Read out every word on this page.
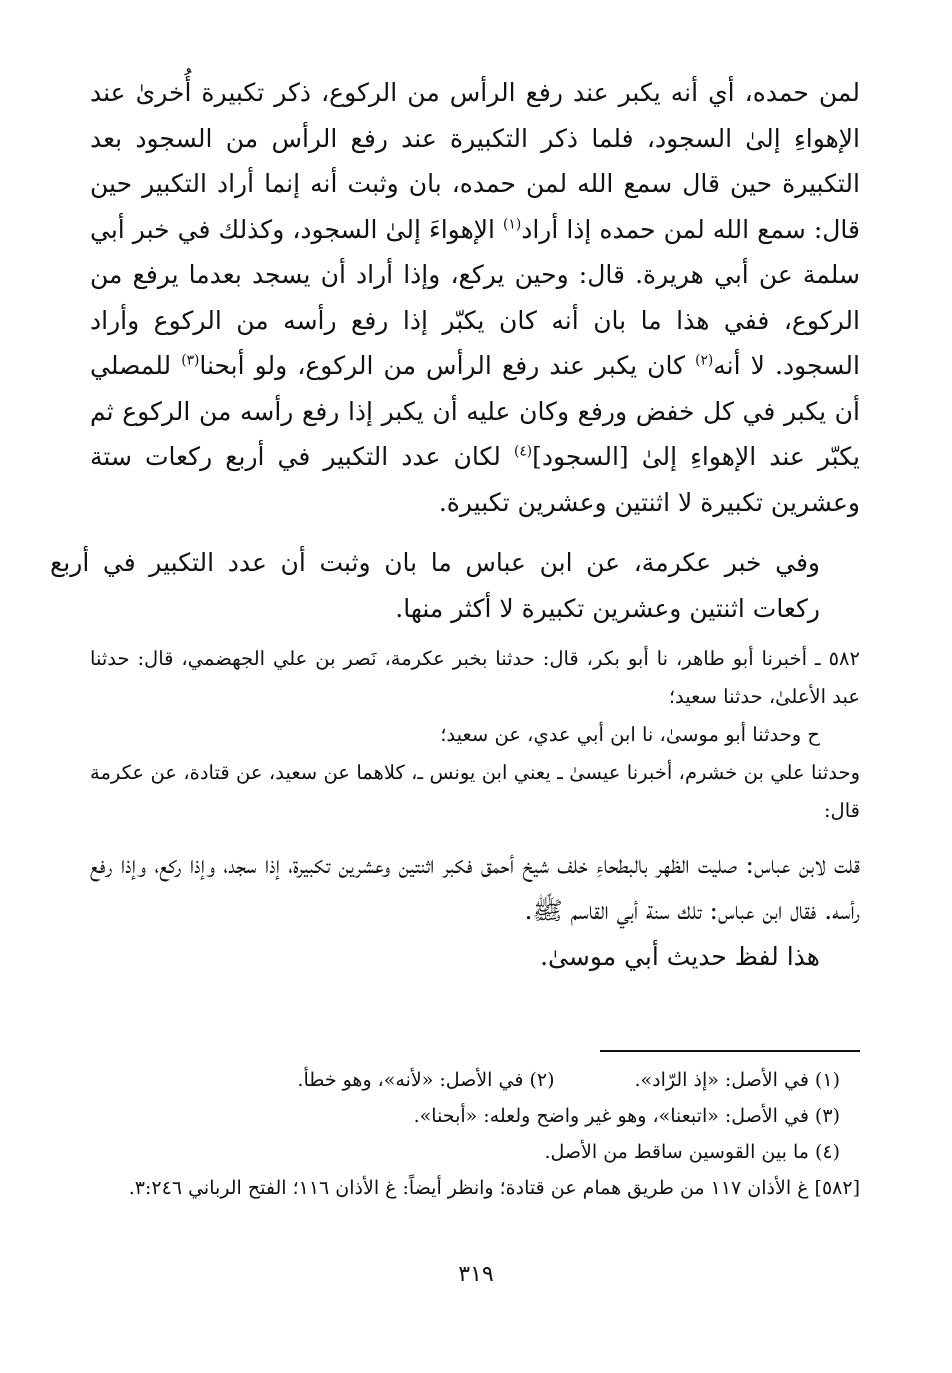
لمن حمده، أي أنه يكبر عند رفع الرأس من الركوع، ذكر تكبيرة أُخرىٰ عند الإهواءِ إلىٰ السجود، فلما ذكر التكبيرة عند رفع الرأس من السجود بعد التكبيرة حين قال سمع الله لمن حمده، بان وثبت أنه إنما أراد التكبير حين قال: سمع الله لمن حمده إذا أراد$^{(١)}$ الإهواءَ إلىٰ السجود، وكذلك في خبر أبي سلمة عن أبي هريرة. قال: وحين يركع، وإذا أراد أن يسجد بعدما يرفع من الركوع، ففي هذا ما بان أنه كان يكبّر إذا رفع رأسه من الركوع وأراد السجود. لا أنه$^{(٢)}$ كان يكبر عند رفع الرأس من الركوع، ولو أبحنا$^{(٣)}$ للمصلي أن يكبر في كل خفض ورفع وكان عليه أن يكبر إذا رفع رأسه من الركوع ثم يكبّر عند الإهواءِ إلىٰ [السجود]$^{(٤)}$ لكان عدد التكبير في أربع ركعات ستة وعشرين تكبيرة لا اثنتين وعشرين تكبيرة.

وفي خبر عكرمة، عن ابن عباس ما بان وثبت أن عدد التكبير في أربع ركعات اثنتين وعشرين تكبيرة لا أكثر منها.

٥٨٢ ـ أخبرنا أبو طاهر، نا أبو بكر، قال: حدثنا بخبر عكرمة، نَصر بن علي الجهضمي، قال: حدثنا عبد الأعلىٰ، حدثنا سعيد؛
ح وحدثنا أبو موسىٰ، نا ابن أبي عدي، عن سعيد؛
وحدثنا علي بن خشرم، أخبرنا عيسىٰ ـ يعني ابن يونس ـ، كلاهما عن سعيد، عن قتادة، عن عكرمة قال:
قلت لابن عباس: صليت الظهر بالبطحاءِ خلف شيخ أحمق فكبر اثنتين وعشرين تكبيرة، إذا سجد، وإذا ركع، وإذا رفع رأسه. فقال ابن عباس: تلك سنة أبي القاسم ﷺ.
هذا لفظ حديث أبي موسىٰ.
(١) في الأصل: «إذ الرّاد».(٢) في الأصل: «لأنه»، وهو خطأ.
(٣) في الأصل: «اتبعنا»، وهو غير واضح ولعله: «أبحنا».
(٤) ما بين القوسين ساقط من الأصل.
[٥٨٢] غ الأذان ١١٧ من طريق همام عن قتادة؛ وانظر أيضاً: غ الأذان ١١٦؛ الفتح الرباني ٣:٢٤٦.
٣١٩
